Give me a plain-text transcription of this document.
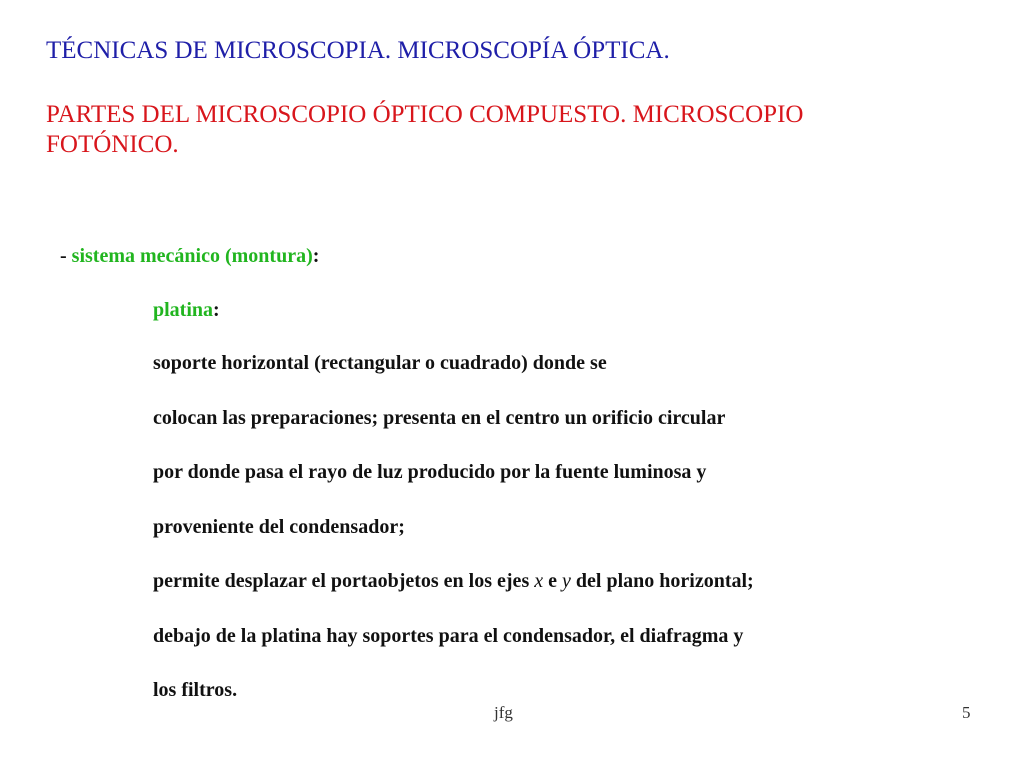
TÉCNICAS DE MICROSCOPIA. MICROSCOPÍA ÓPTICA.
PARTES DEL MICROSCOPIO ÓPTICO COMPUESTO. MICROSCOPIO FOTÓNICO.
- sistema mecánico (montura):
platina:
soporte horizontal (rectangular o cuadrado) donde se
colocan las preparaciones; presenta en el centro un orificio circular
por donde pasa el rayo de luz producido por la fuente luminosa y
proveniente del condensador;
permite desplazar el portaobjetos en los ejes x e y del plano horizontal;
debajo de la platina hay soportes para el condensador, el diafragma y
los filtros.
jfg	5
